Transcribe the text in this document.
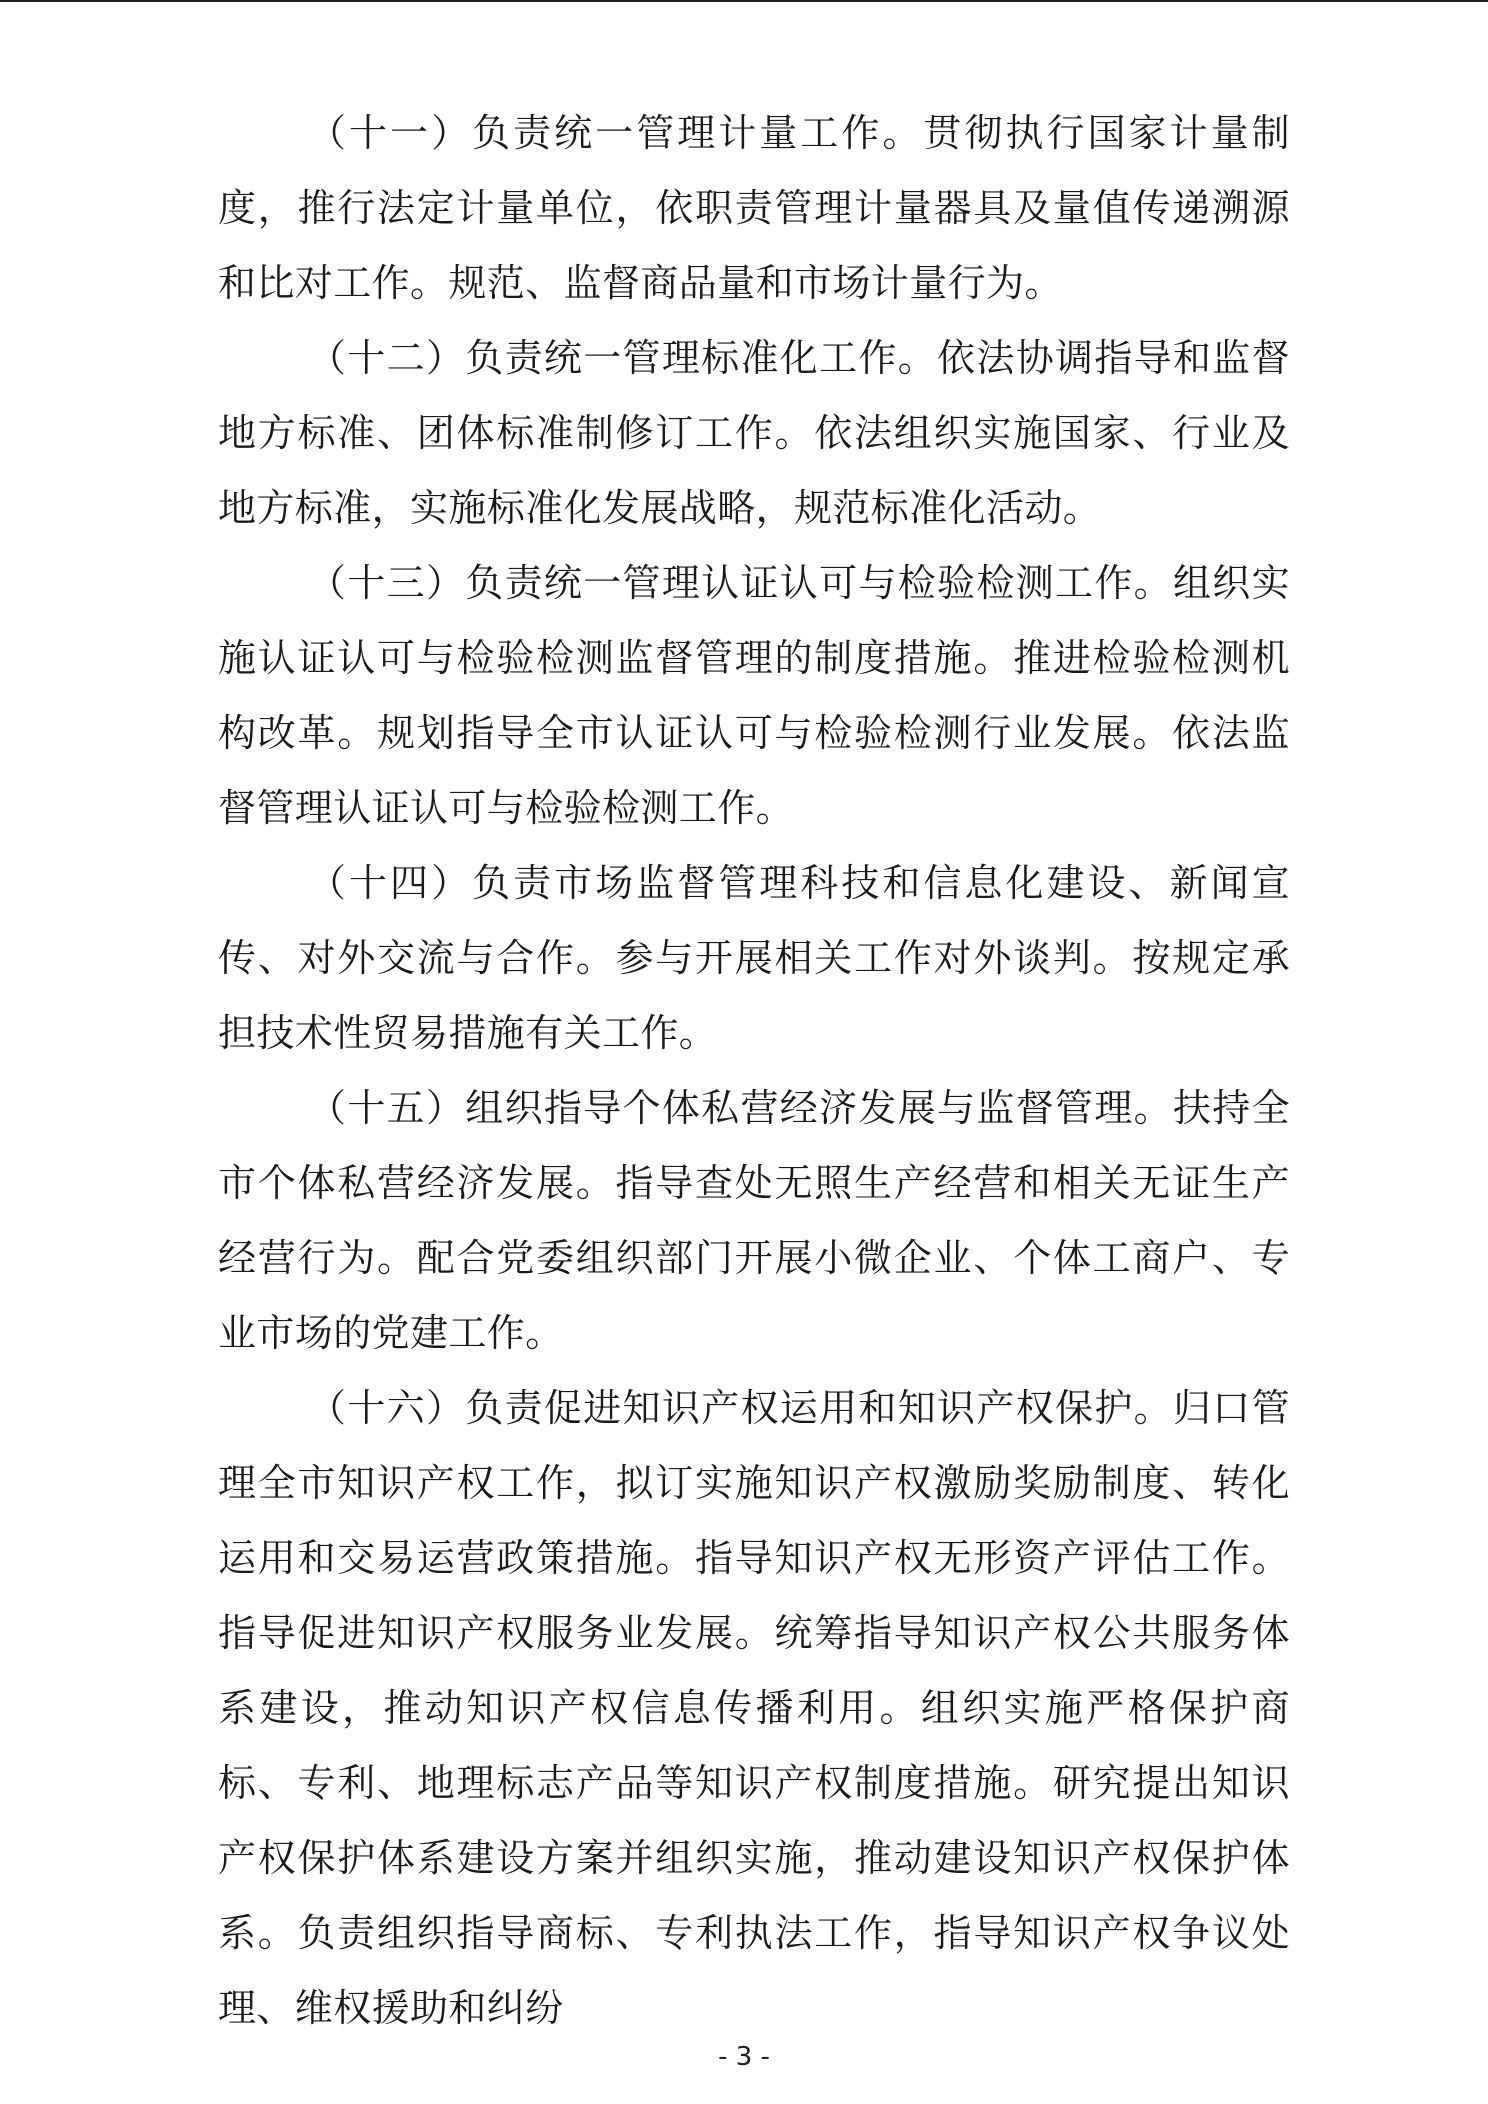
（十一）负责统一管理计量工作。贯彻执行国家计量制度，推行法定计量单位，依职责管理计量器具及量值传递溯源和比对工作。规范、监督商品量和市场计量行为。

（十二）负责统一管理标准化工作。依法协调指导和监督地方标准、团体标准制修订工作。依法组织实施国家、行业及地方标准，实施标准化发展战略，规范标准化活动。

（十三）负责统一管理认证认可与检验检测工作。组织实施认证认可与检验检测监督管理的制度措施。推进检验检测机构改革。规划指导全市认证认可与检验检测行业发展。依法监督管理认证认可与检验检测工作。

（十四）负责市场监督管理科技和信息化建设、新闻宣传、对外交流与合作。参与开展相关工作对外谈判。按规定承担技术性贸易措施有关工作。

（十五）组织指导个体私营经济发展与监督管理。扶持全市个体私营经济发展。指导查处无照生产经营和相关无证生产经营行为。配合党委组织部门开展小微企业、个体工商户、专业市场的党建工作。

（十六）负责促进知识产权运用和知识产权保护。归口管理全市知识产权工作，拟订实施知识产权激励奖励制度、转化运用和交易运营政策措施。指导知识产权无形资产评估工作。指导促进知识产权服务业发展。统筹指导知识产权公共服务体系建设，推动知识产权信息传播利用。组织实施严格保护商标、专利、地理标志产品等知识产权制度措施。研究提出知识产权保护体系建设方案并组织实施，推动建设知识产权保护体系。负责组织指导商标、专利执法工作，指导知识产权争议处理、维权援助和纠纷

- 3 -
